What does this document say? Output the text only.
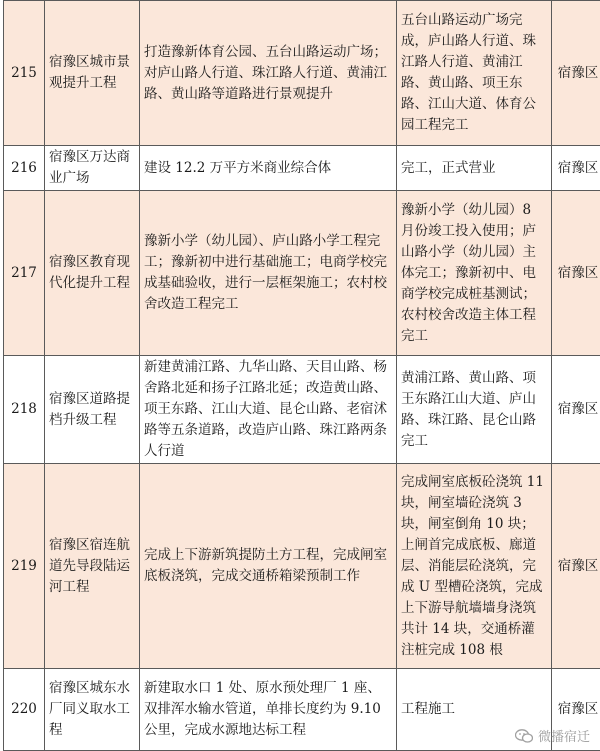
215	宿豫区城市景观提升工程	打造豫新体育公园、五台山路运动广场；对庐山路人行道、珠江路人行道、黄浦江路、黄山路等道路进行景观提升	五台山路运动广场完成，庐山路人行道、珠江路人行道、黄浦江路、黄山路、项王东路、江山大道、体育公园工程完工	宿豫区
216	宿豫区万达商业广场	建设 12.2 万平方米商业综合体	完工，正式营业	宿豫区
217	宿豫区教育现代化提升工程	豫新小学（幼儿园）、庐山路小学工程完工；豫新初中进行基础施工；电商学校完成基础验收，进行一层框架施工；农村校舍改造工程完工	豫新小学（幼儿园）8 月份竣工投入使用；庐山路小学（幼儿园）主体完工；豫新初中、电商学校完成桩基测试；农村校舍改造主体工程完工	宿豫区
218	宿豫区道路提档升级工程	新建黄浦江路、九华山路、天目山路、杨舍路北延和扬子江路北延；改造黄山路、项王东路、江山大道、昆仑山路、老宿沭路等五条道路，改造庐山路、珠江路两条人行道	黄浦江路、黄山路、项王东路江山大道、庐山路、珠江路、昆仑山路完工	宿豫区
219	宿豫区宿连航道先导段陆运河工程	完成上下游新筑提防土方工程，完成闸室底板浇筑，完成交通桥箱梁预制工作	完成闸室底板砼浇筑 11 块，闸室墙砼浇筑 3 块，闸室倒角 10 块；上闸首完成底板、廊道层、消能层砼浇筑，完成 U 型槽砼浇筑，完成上下游导航墙墙身浇筑共计 14 块，交通桥灌注桩完成 108 根	宿豫区
220	宿豫区城东水厂同义取水工程	新建取水口 1 处、原水预处理厂 1 座、双排浑水输水管道，单排长度约为 9.10 公里，完成水源地达标工程	工程施工	宿豫区
微播宿迁
